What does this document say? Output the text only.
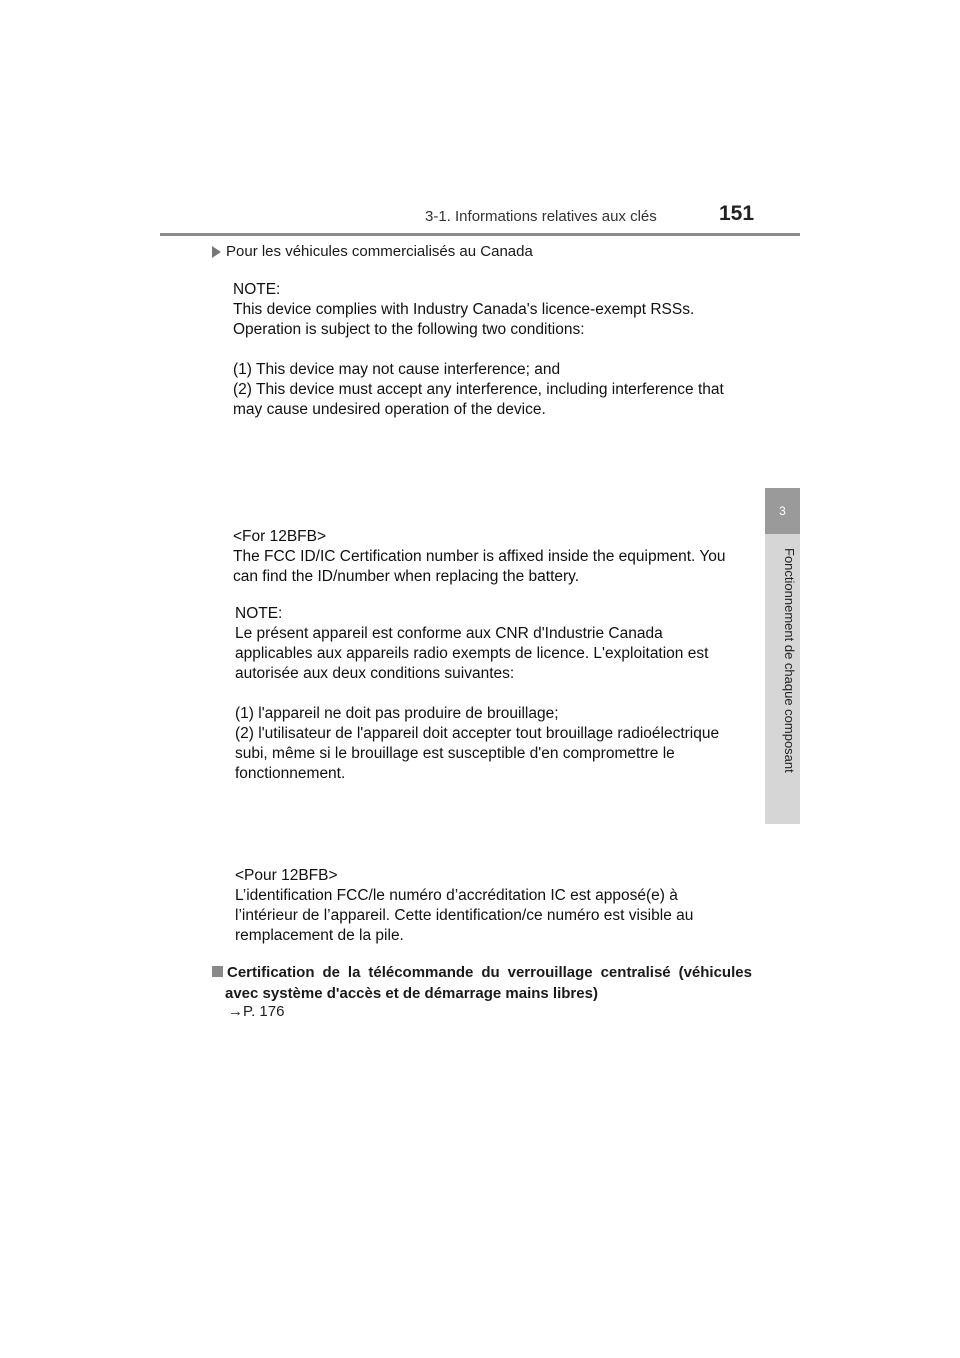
3-1. Informations relatives aux clés	151
3
Fonctionnement de chaque composant
Pour les véhicules commercialisés au Canada

NOTE:

This device complies with Industry Canada's licence-exempt RSSs.

Operation is subject to the following two conditions:

(1) This device may not cause interference; and

(2) This device must accept any interference, including interference that

may cause undesired operation of the device.

<For 12BFB>

The FCC ID/IC Certification number is affixed inside the equipment. You

can find the ID/number when replacing the battery.

NOTE:

Le présent appareil est conforme aux CNR d'Industrie Canada

applicables aux appareils radio exempts de licence. L'exploitation est

autorisée aux deux conditions suivantes:

(1) l'appareil ne doit pas produire de brouillage;

(2) l'utilisateur de l'appareil doit accepter tout brouillage radioélectrique

subi, même si le brouillage est susceptible d'en compromettre le

fonctionnement.

<Pour 12BFB>

L’identification FCC/le numéro d’accréditation IC est apposé(e) à

l’intérieur de l’appareil. Cette identification/ce numéro est visible au

remplacement de la pile.

Certification de la télécommande du verrouillage centralisé (véhicules
avec système d'accès et de démarrage mains libres)
→P. 176
